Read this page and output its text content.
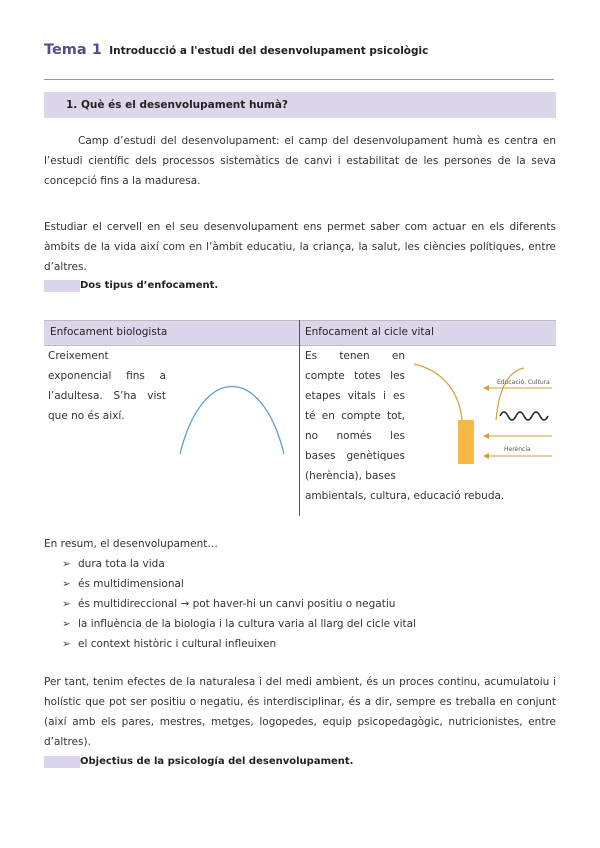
Tema 1 Introducció a l'estudi del desenvolupament psicològic
1. Què és el desenvolupament humà?
Camp d’estudi del desenvolupament: el camp del desenvolupament humà es centra en l’estudi científic dels processos sistemàtics de canvi i estabilitat de les persones de la seva concepció fins a la maduresa.
Estudiar el cervell en el seu desenvolupament ens permet saber com actuar en els diferents àmbits de la vida així com en l’àmbit educatiu, la criança, la salut, les ciències polítiques, entre d’altres.
Dos tipus d’enfocament.
Enfocament biologista	Enfocament al cicle vital
Creixement exponencial fins a l’adultesa. S’ha vist que no és així.
Es tenen en compte totes les etapes vitals i es té en compte tot, no només les bases genètiques (herència), bases
ambientals, cultura, educació rebuda.
Educació, Cultura
Herència
En resum, el desenvolupament…
➢ dura tota la vida
➢ és multidimensional
➢ és multidireccional → pot haver-hi un canvi positiu o negatiu
➢ la influència de la biologia i la cultura varia al llarg del cicle vital
➢ el context històric i cultural infleuixen
Per tant, tenim efectes de la naturalesa i del medi ambient, és un proces continu, acumulatoiu i holístic que pot ser positiu o negatiu, és interdisciplinar, és a dir, sempre es treballa en conjunt (així amb els pares, mestres, metges, logopedes, equip psicopedagògic, nutricionistes, entre d’altres).
Objectius de la psicología del desenvolupament.
